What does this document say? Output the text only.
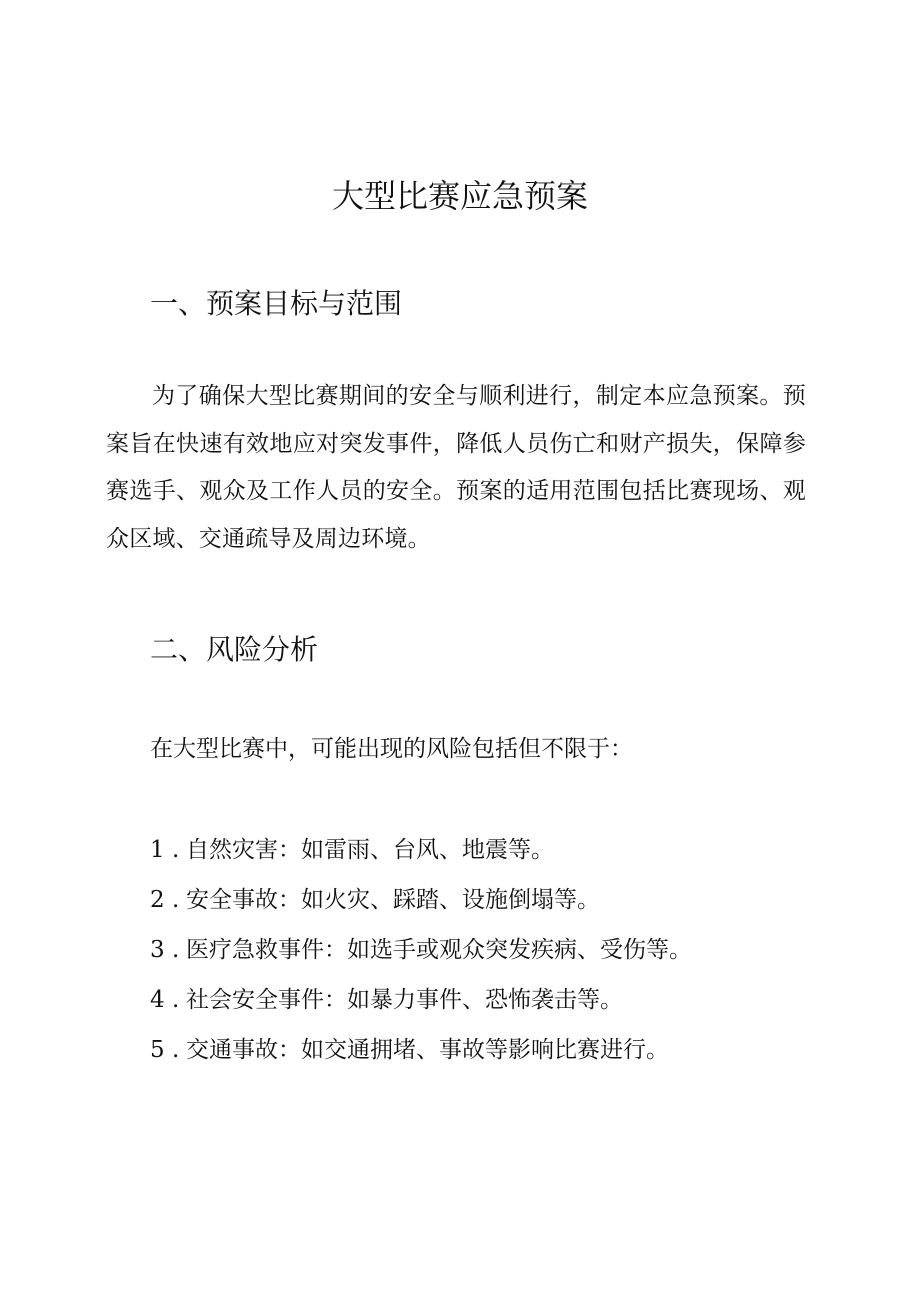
大型比赛应急预案
一、预案目标与范围

为了确保大型比赛期间的安全与顺利进行，制定本应急预案。预案旨在快速有效地应对突发事件，降低人员伤亡和财产损失，保障参赛选手、观众及工作人员的安全。预案的适用范围包括比赛现场、观众区域、交通疏导及周边环境。

二、风险分析

在大型比赛中，可能出现的风险包括但不限于：

1 . 自然灾害：如雷雨、台风、地震等。
2 . 安全事故：如火灾、踩踏、设施倒塌等。
3 . 医疗急救事件：如选手或观众突发疾病、受伤等。
4 . 社会安全事件：如暴力事件、恐怖袭击等。
5 . 交通事故：如交通拥堵、事故等影响比赛进行。
